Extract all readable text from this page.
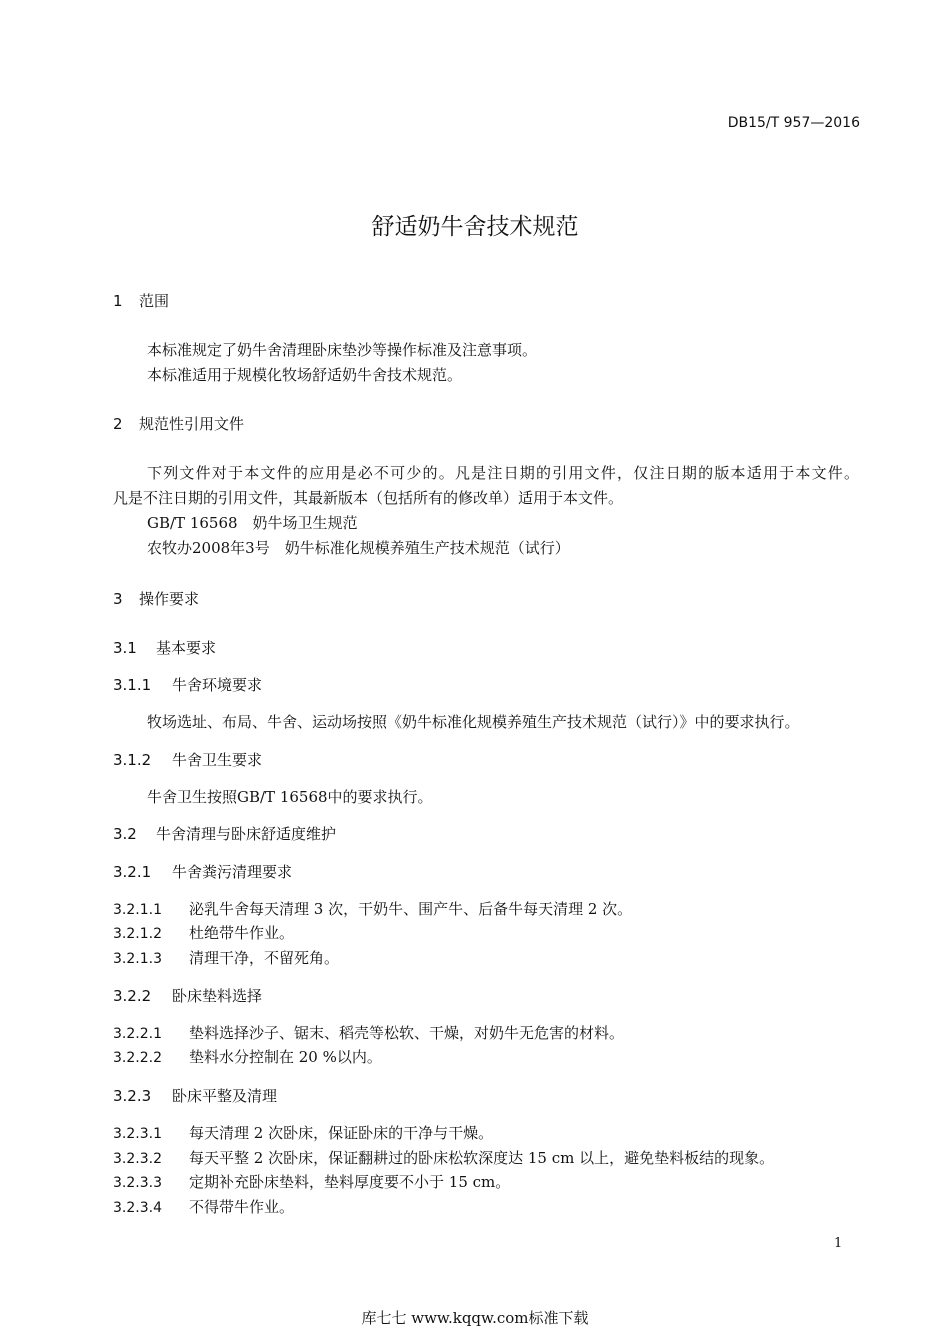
DB15/T 957—2016
舒适奶牛舍技术规范
1 范围
本标准规定了奶牛舍清理卧床垫沙等操作标准及注意事项。
本标准适用于规模化牧场舒适奶牛舍技术规范。
2 规范性引用文件
下列文件对于本文件的应用是必不可少的。凡是注日期的引用文件，仅注日期的版本适用于本文件。
凡是不注日期的引用文件，其最新版本（包括所有的修改单）适用于本文件。
GB/T 16568　奶牛场卫生规范
农牧办2008年3号　奶牛标准化规模养殖生产技术规范（试行）
3 操作要求
3.1 基本要求
3.1.1 牛舍环境要求
牧场选址、布局、牛舍、运动场按照《奶牛标准化规模养殖生产技术规范（试行）》中的要求执行。
3.1.2 牛舍卫生要求
牛舍卫生按照GB/T 16568中的要求执行。
3.2 牛舍清理与卧床舒适度维护
3.2.1 牛舍粪污清理要求
3.2.1.1 泌乳牛舍每天清理 3 次，干奶牛、围产牛、后备牛每天清理 2 次。
3.2.1.2 杜绝带牛作业。
3.2.1.3 清理干净，不留死角。
3.2.2 卧床垫料选择
3.2.2.1 垫料选择沙子、锯末、稻壳等松软、干燥，对奶牛无危害的材料。
3.2.2.2 垫料水分控制在 20 %以内。
3.2.3 卧床平整及清理
3.2.3.1 每天清理 2 次卧床，保证卧床的干净与干燥。
3.2.3.2 每天平整 2 次卧床，保证翻耕过的卧床松软深度达 15 cm 以上，避免垫料板结的现象。
3.2.3.3 定期补充卧床垫料，垫料厚度要不小于 15 cm。
3.2.3.4 不得带牛作业。
1
库七七 www.kqqw.com标准下载
